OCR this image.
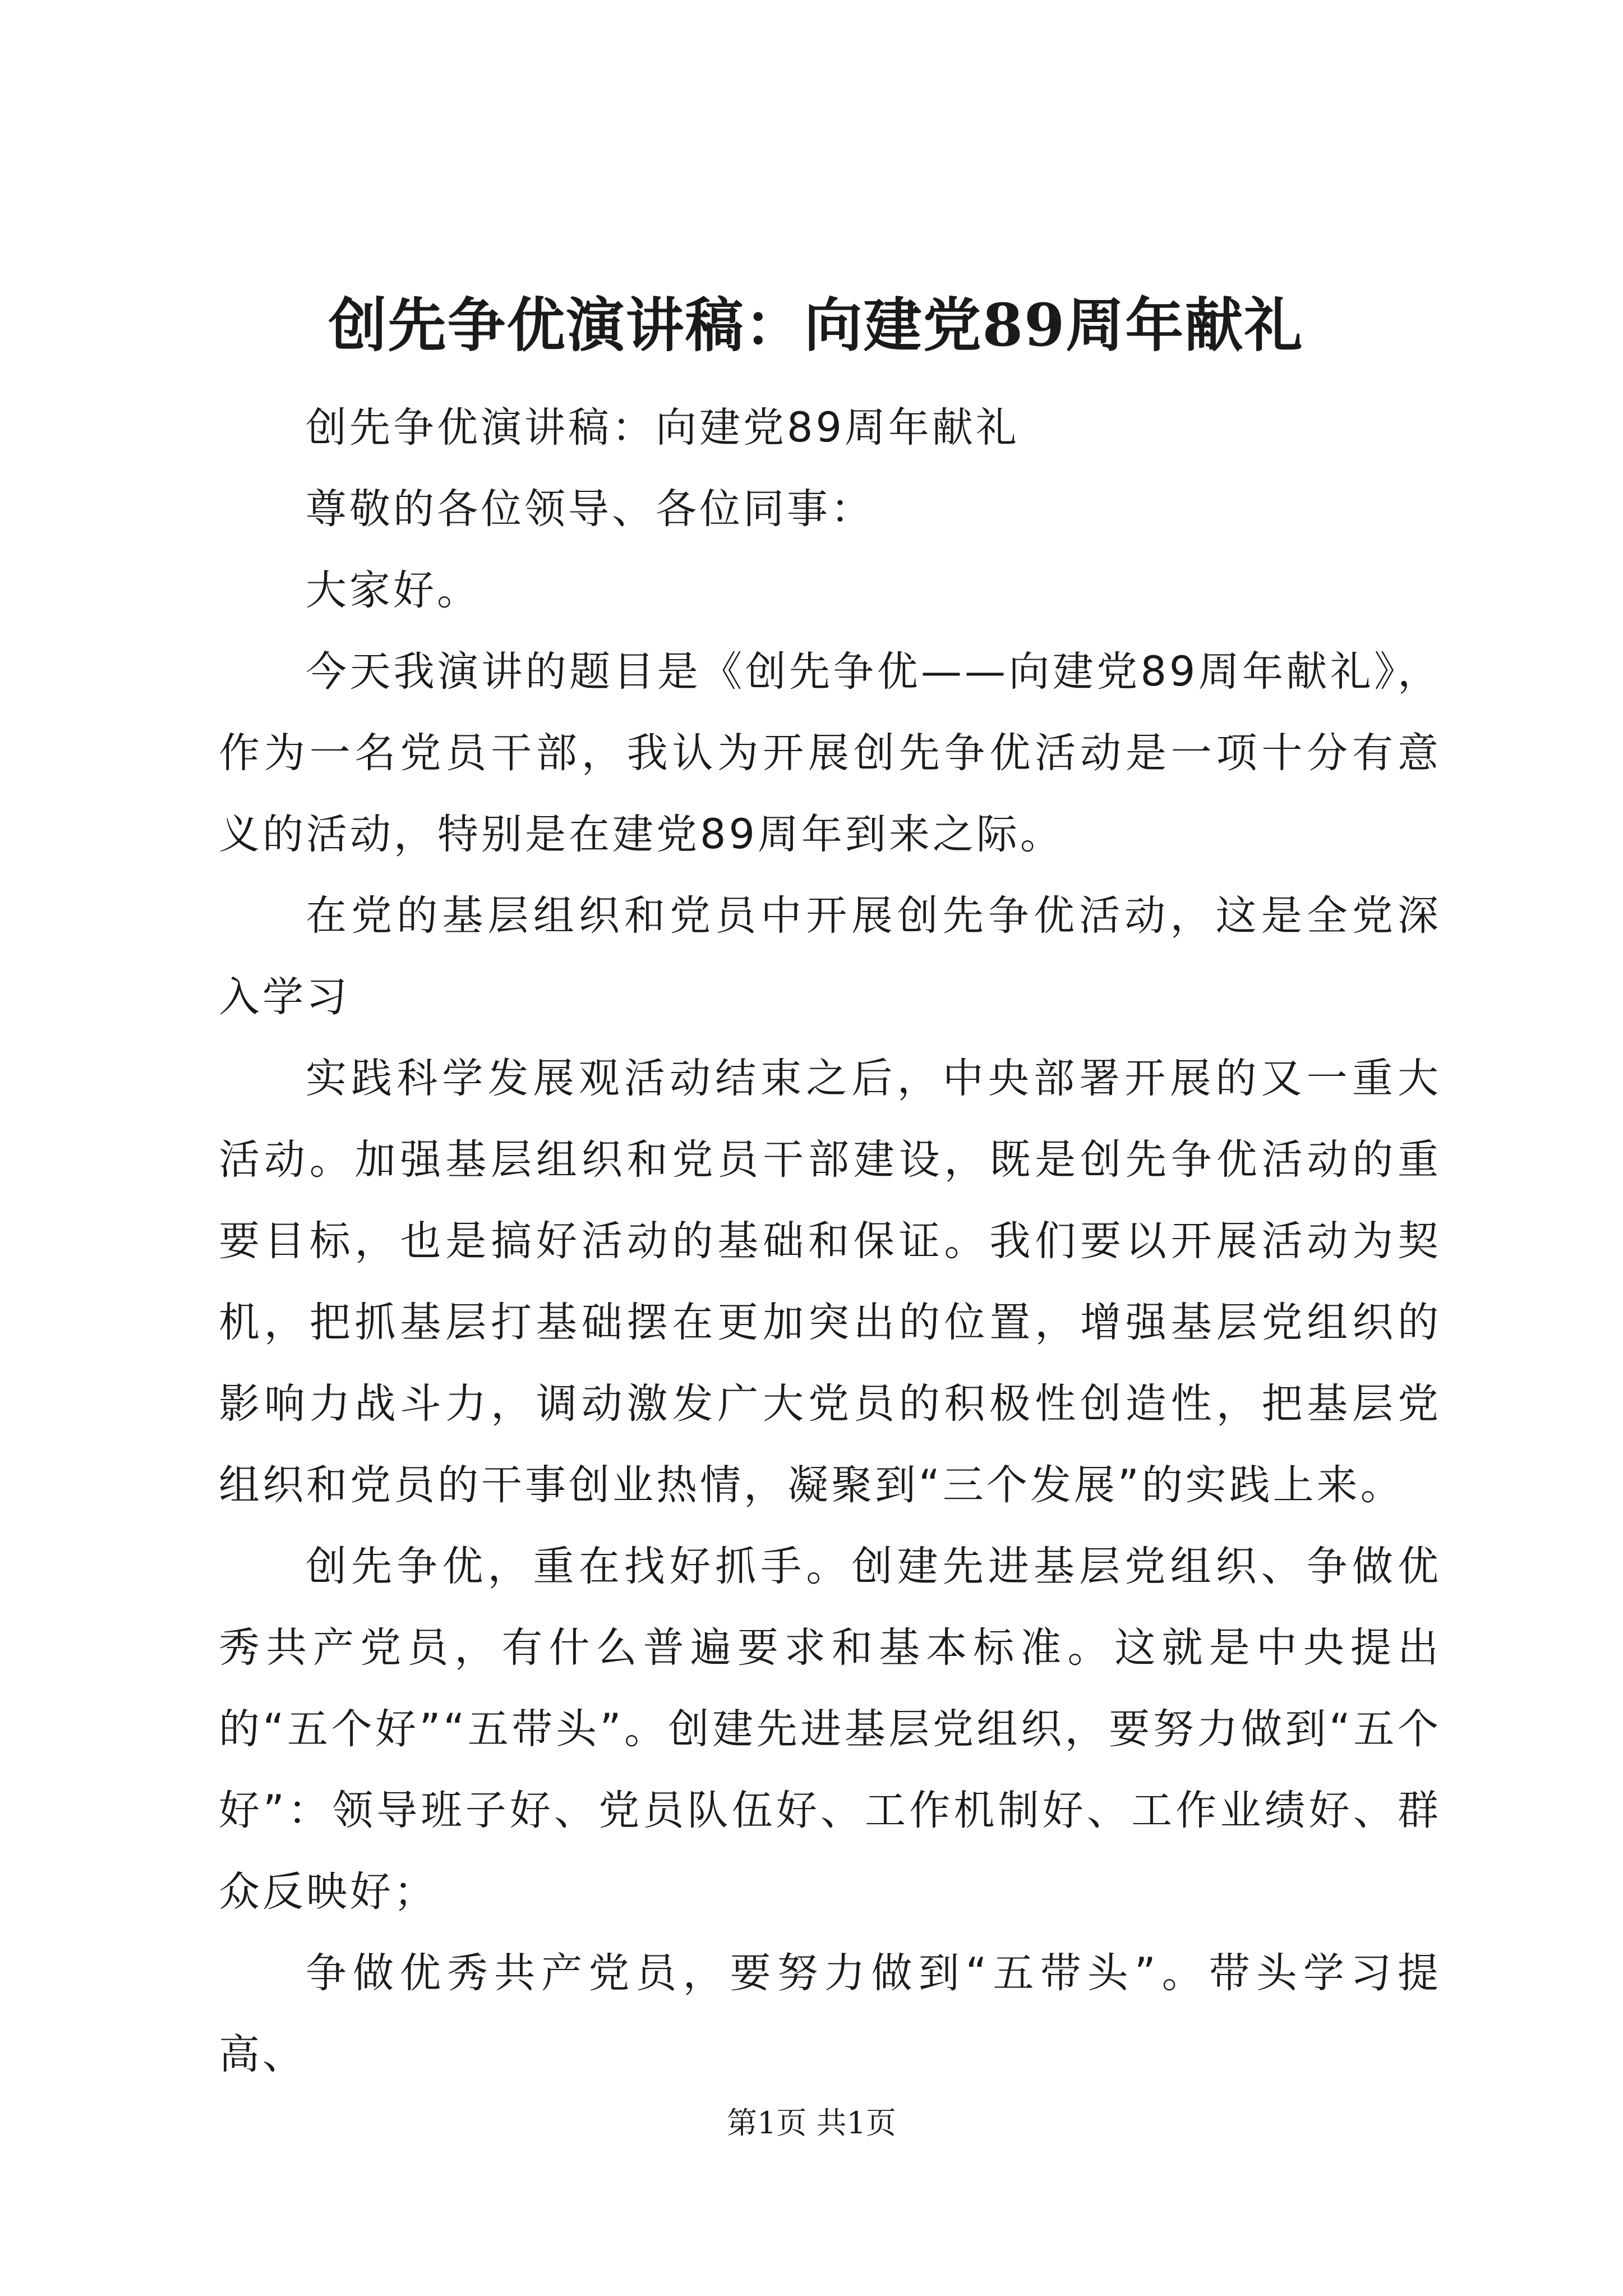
创先争优演讲稿：向建党89周年献礼

创先争优演讲稿：向建党89周年献礼

尊敬的各位领导、各位同事：

大家好。

今天我演讲的题目是《创先争优——向建党89周年献礼》，作为一名党员干部，我认为开展创先争优活动是一项十分有意义的活动，特别是在建党89周年到来之际。

在党的基层组织和党员中开展创先争优活动，这是全党深入学习

实践科学发展观活动结束之后，中央部署开展的又一重大活动。加强基层组织和党员干部建设，既是创先争优活动的重要目标，也是搞好活动的基础和保证。我们要以开展活动为契机，把抓基层打基础摆在更加突出的位置，增强基层党组织的影响力战斗力，调动激发广大党员的积极性创造性，把基层党组织和党员的干事创业热情，凝聚到“三个发展”的实践上来。

创先争优，重在找好抓手。创建先进基层党组织、争做优秀共产党员，有什么普遍要求和基本标准。这就是中央提出的“五个好”“五带头”。创建先进基层党组织，要努力做到“五个好”：领导班子好、党员队伍好、工作机制好、工作业绩好、群众反映好；

争做优秀共产党员，要努力做到“五带头”。带头学习提高、

第1页 共1页
